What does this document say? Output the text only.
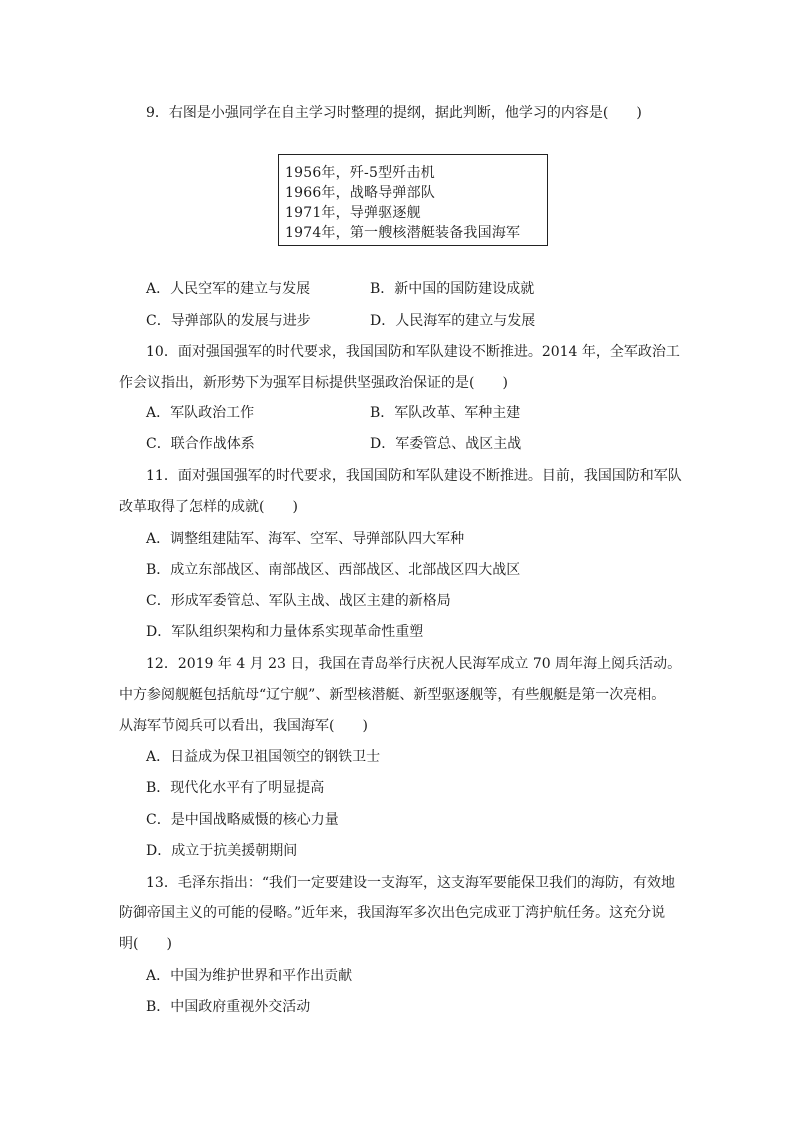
9．右图是小强同学在自主学习时整理的提纲，据此判断，他学习的内容是(　　)
1956年，歼-5型歼击机
1966年，战略导弹部队
1971年，导弹驱逐舰
1974年，第一艘核潜艇装备我国海军
A．人民空军的建立与发展	B．新中国的国防建设成就
C．导弹部队的发展与进步	D．人民海军的建立与发展
10．面对强国强军的时代要求，我国国防和军队建设不断推进。2014 年，全军政治工
作会议指出，新形势下为强军目标提供坚强政治保证的是(　　)
A．军队政治工作	B．军队改革、军种主建
C．联合作战体系	D．军委管总、战区主战
11．面对强国强军的时代要求，我国国防和军队建设不断推进。目前，我国国防和军队
改革取得了怎样的成就(　　)
A．调整组建陆军、海军、空军、导弹部队四大军种
B．成立东部战区、南部战区、西部战区、北部战区四大战区
C．形成军委管总、军队主战、战区主建的新格局
D．军队组织架构和力量体系实现革命性重塑
12．2019 年 4 月 23 日，我国在青岛举行庆祝人民海军成立 70 周年海上阅兵活动。
中方参阅舰艇包括航母“辽宁舰”、新型核潜艇、新型驱逐舰等，有些舰艇是第一次亮相。
从海军节阅兵可以看出，我国海军(　　)
A．日益成为保卫祖国领空的钢铁卫士
B．现代化水平有了明显提高
C．是中国战略威慑的核心力量
D．成立于抗美援朝期间
13．毛泽东指出：“我们一定要建设一支海军，这支海军要能保卫我们的海防，有效地
防御帝国主义的可能的侵略。”近年来，我国海军多次出色完成亚丁湾护航任务。这充分说
明(　　)
A．中国为维护世界和平作出贡献
B．中国政府重视外交活动
